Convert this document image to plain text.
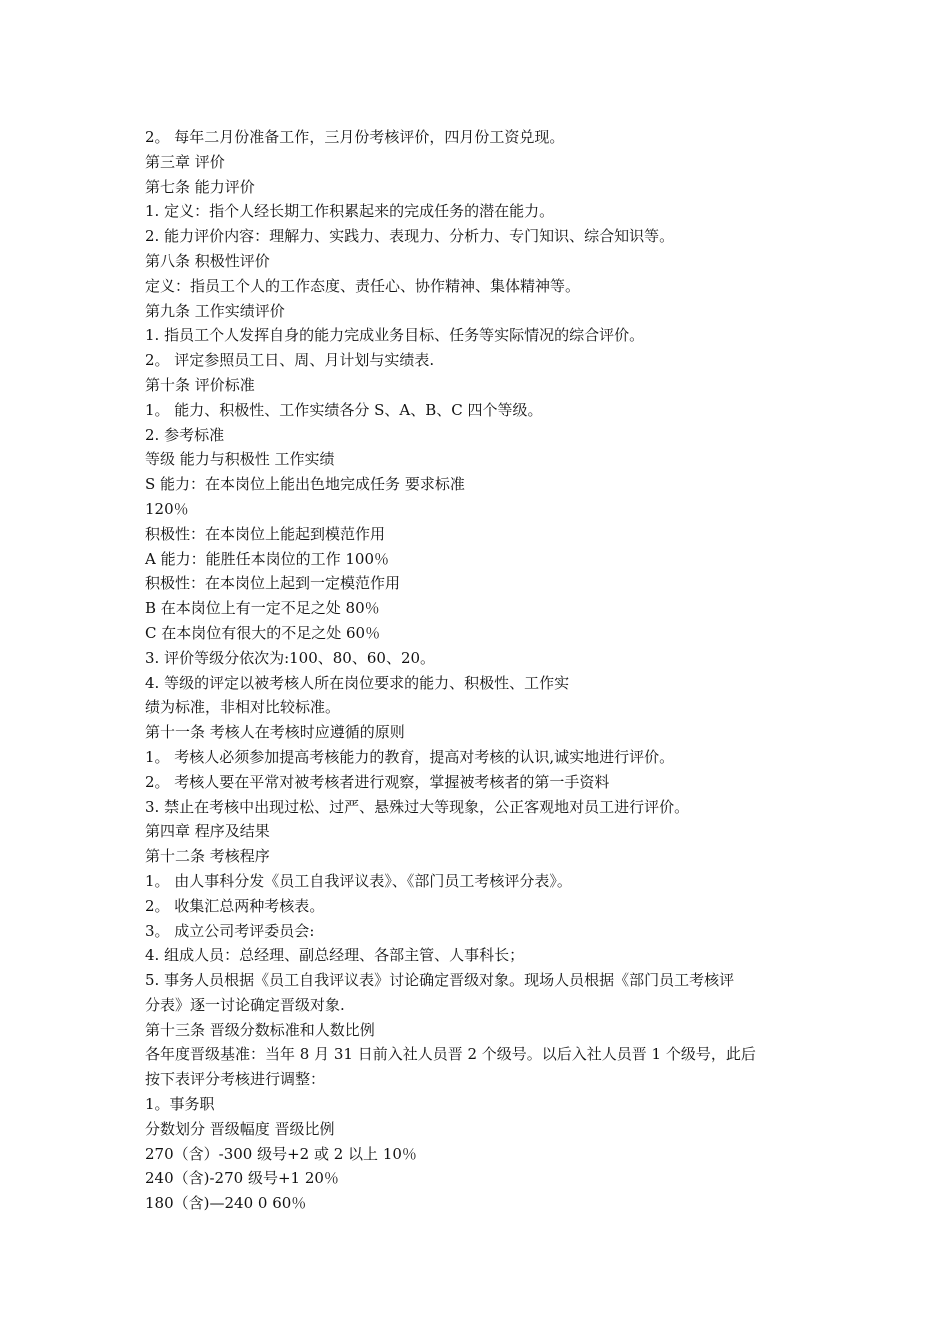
2。 每年二月份准备工作，三月份考核评价，四月份工资兑现。

第三章 评价

第七条 能力评价

1. 定义：指个人经长期工作积累起来的完成任务的潜在能力。

2. 能力评价内容：理解力、实践力、表现力、分析力、专门知识、综合知识等。

第八条 积极性评价

定义：指员工个人的工作态度、责任心、协作精神、集体精神等。

第九条 工作实绩评价

1. 指员工个人发挥自身的能力完成业务目标、任务等实际情况的综合评价。

2。 评定参照员工日、周、月计划与实绩表.

第十条 评价标准

1。 能力、积极性、工作实绩各分 S、A、B、C 四个等级。

2. 参考标准

等级 能力与积极性 工作实绩

S 能力：在本岗位上能出色地完成任务 要求标准

120％

积极性：在本岗位上能起到模范作用

A 能力：能胜任本岗位的工作 100％

积极性：在本岗位上起到一定模范作用

B 在本岗位上有一定不足之处 80％

C 在本岗位有很大的不足之处 60％

3. 评价等级分依次为:100、80、60、20。

4. 等级的评定以被考核人所在岗位要求的能力、积极性、工作实

绩为标准，非相对比较标准。

第十一条 考核人在考核时应遵循的原则

1。 考核人必须参加提高考核能力的教育，提高对考核的认识,诚实地进行评价。

2。 考核人要在平常对被考核者进行观察，掌握被考核者的第一手资料

3. 禁止在考核中出现过松、过严、悬殊过大等现象，公正客观地对员工进行评价。

第四章 程序及结果

第十二条 考核程序

1。 由人事科分发《员工自我评议表》、《部门员工考核评分表》。

2。 收集汇总两种考核表。

3。 成立公司考评委员会:

4. 组成人员：总经理、副总经理、各部主管、人事科长；

5. 事务人员根据《员工自我评议表》讨论确定晋级对象。现场人员根据《部门员工考核评

分表》逐一讨论确定晋级对象.

第十三条 晋级分数标准和人数比例

各年度晋级基准：当年 8 月 31 日前入社人员晋 2 个级号。以后入社人员晋 1 个级号，此后

按下表评分考核进行调整：

1。事务职

分数划分 晋级幅度 晋级比例

270（含）-300 级号+2 或 2 以上 10％

240（含)-270 级号+1 20％

180（含)—240 0 60％
